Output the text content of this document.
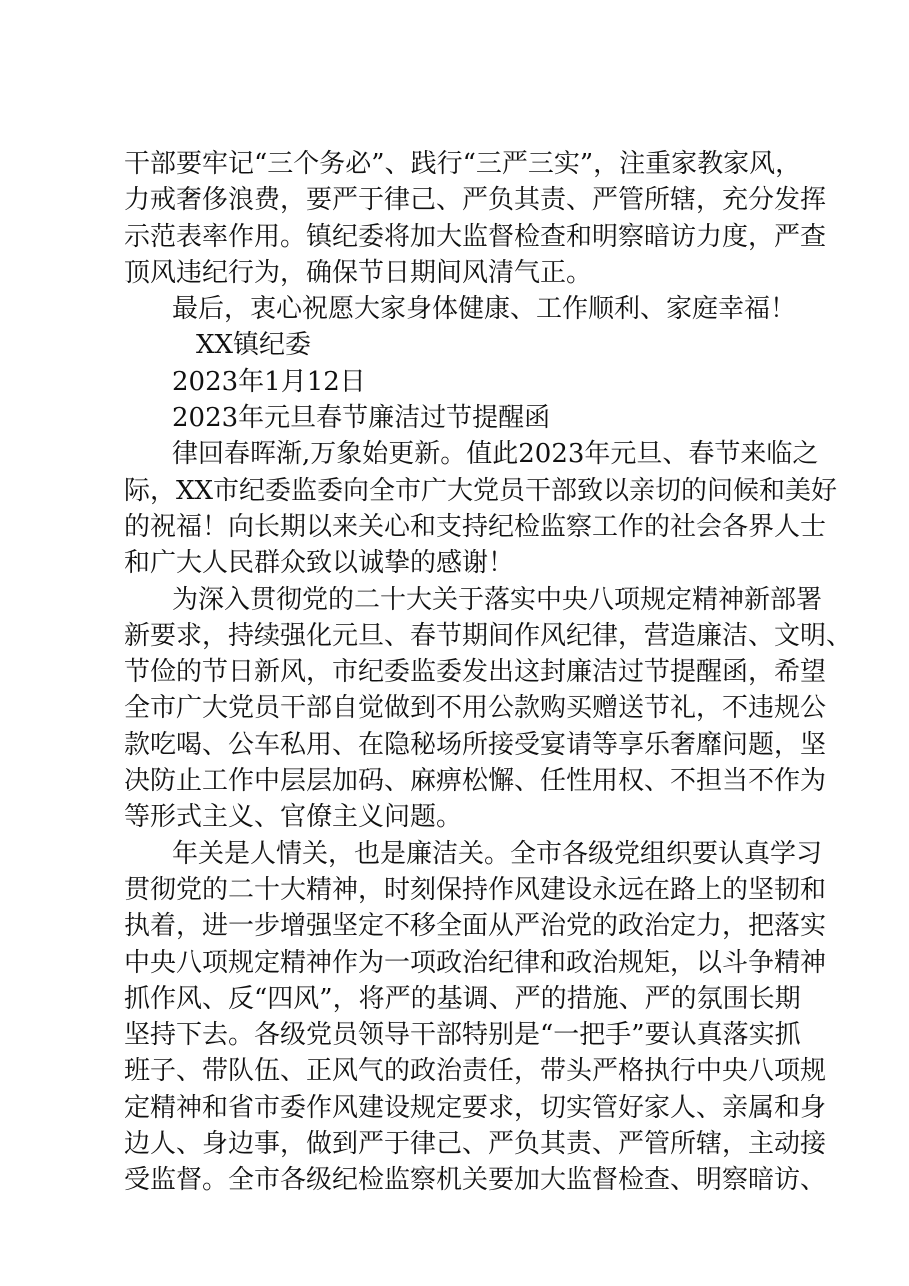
干部要牢记“三个务必”、践行“三严三实”，注重家教家风，
力戒奢侈浪费，要严于律己、严负其责、严管所辖，充分发挥
示范表率作用。镇纪委将加大监督检查和明察暗访力度，严查
顶风违纪行为，确保节日期间风清气正。
最后，衷心祝愿大家身体健康、工作顺利、家庭幸福！
XX镇纪委
2023年1月12日
2023年元旦春节廉洁过节提醒函
律回春晖渐,万象始更新。值此2023年元旦、春节来临之
际，XX市纪委监委向全市广大党员干部致以亲切的问候和美好
的祝福！向长期以来关心和支持纪检监察工作的社会各界人士
和广大人民群众致以诚挚的感谢！
为深入贯彻党的二十大关于落实中央八项规定精神新部署
新要求，持续强化元旦、春节期间作风纪律，营造廉洁、文明、
节俭的节日新风，市纪委监委发出这封廉洁过节提醒函，希望
全市广大党员干部自觉做到不用公款购买赠送节礼，不违规公
款吃喝、公车私用、在隐秘场所接受宴请等享乐奢靡问题，坚
决防止工作中层层加码、麻痹松懈、任性用权、不担当不作为
等形式主义、官僚主义问题。
年关是人情关，也是廉洁关。全市各级党组织要认真学习
贯彻党的二十大精神，时刻保持作风建设永远在路上的坚韧和
执着，进一步增强坚定不移全面从严治党的政治定力，把落实
中央八项规定精神作为一项政治纪律和政治规矩，以斗争精神
抓作风、反“四风”，将严的基调、严的措施、严的氛围长期
坚持下去。各级党员领导干部特别是“一把手”要认真落实抓
班子、带队伍、正风气的政治责任，带头严格执行中央八项规
定精神和省市委作风建设规定要求，切实管好家人、亲属和身
边人、身边事，做到严于律己、严负其责、严管所辖，主动接
受监督。全市各级纪检监察机关要加大监督检查、明察暗访、
